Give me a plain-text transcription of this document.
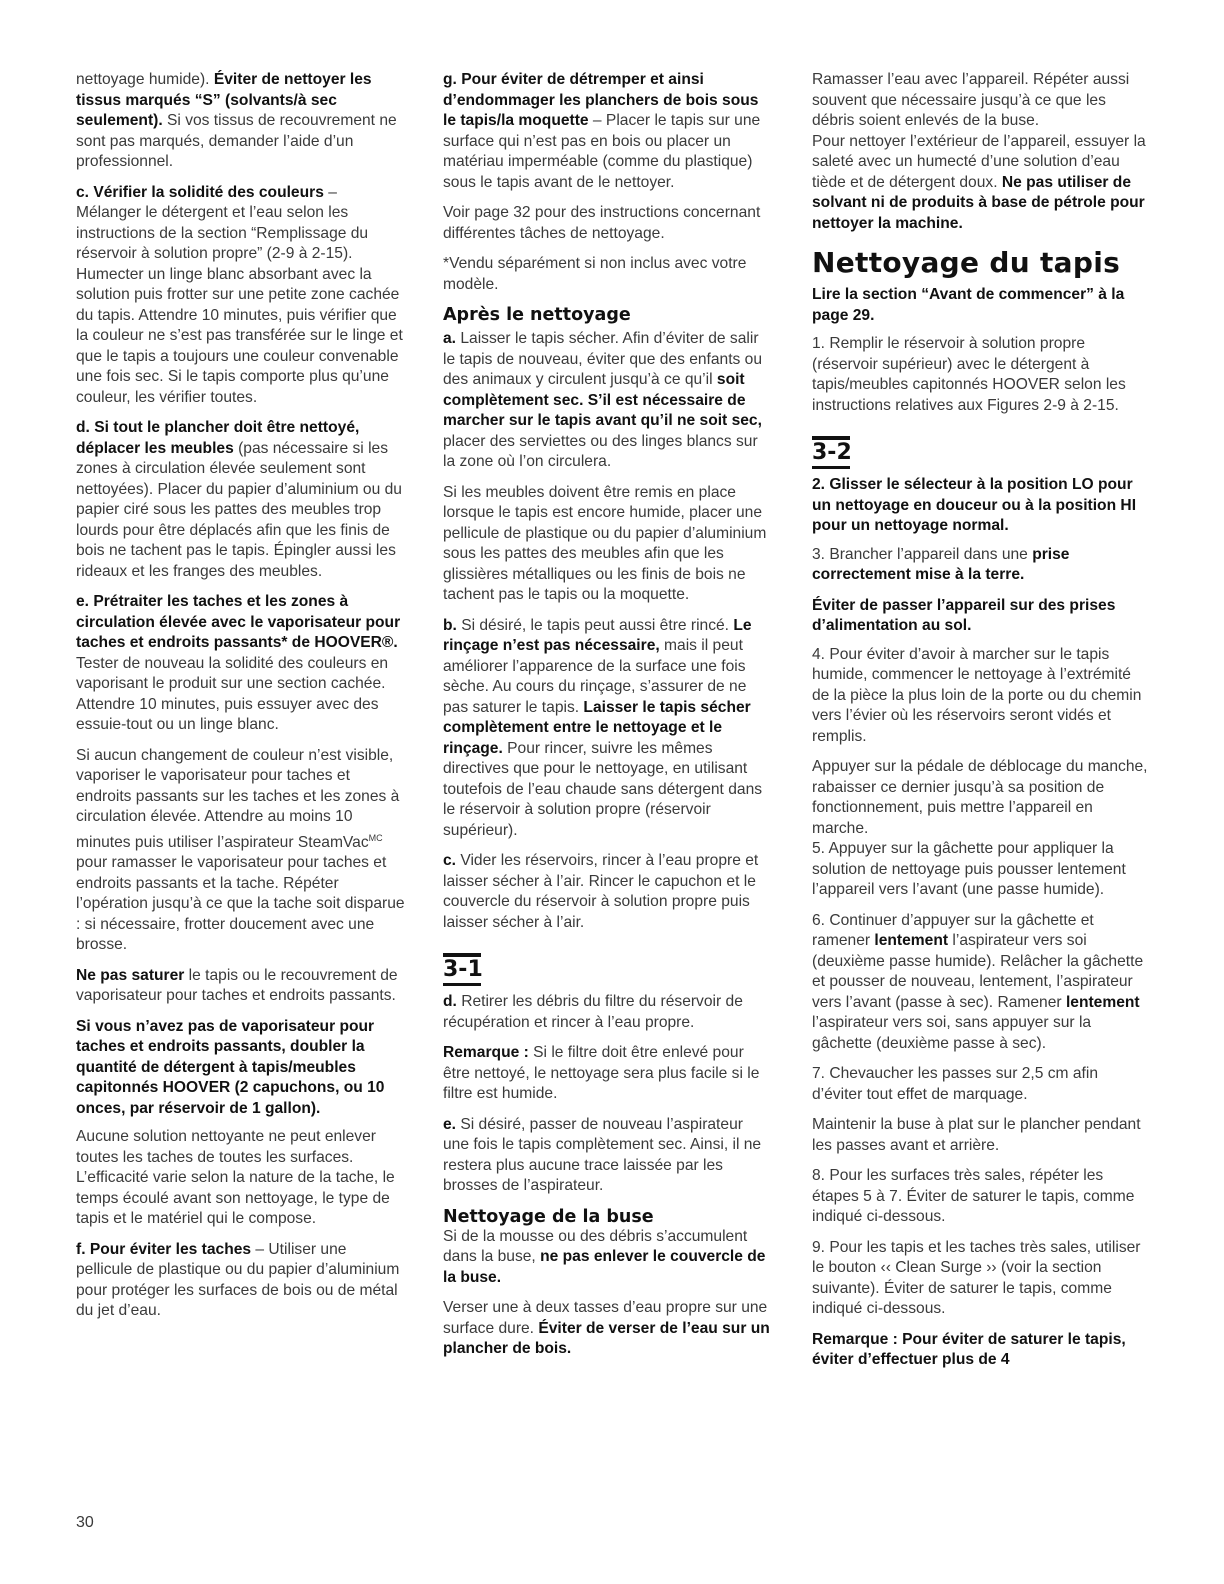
nettoyage humide). Éviter de nettoyer les tissus marqués “S” (solvants/à sec seulement). Si vos tissus de recouvrement ne sont pas marqués, demander l’aide d’un professionnel.

c. Vérifier la solidité des couleurs – Mélanger le détergent et l’eau selon les instructions de la section “Remplissage du réservoir à solution propre” (2-9 à 2-15). Humecter un linge blanc absorbant avec la solution puis frotter sur une petite zone cachée du tapis. Attendre 10 minutes, puis vérifier que la couleur ne s’est pas transférée sur le linge et que le tapis a toujours une couleur convenable une fois sec. Si le tapis comporte plus qu’une couleur, les vérifier toutes.

d. Si tout le plancher doit être nettoyé, déplacer les meubles (pas nécessaire si les zones à circulation élevée seulement sont nettoyées). Placer du papier d’aluminium ou du papier ciré sous les pattes des meubles trop lourds pour être déplacés afin que les finis de bois ne tachent pas le tapis. Épingler aussi les rideaux et les franges des meubles.

e. Prétraiter les taches et les zones à circulation élevée avec le vaporisateur pour taches et endroits passants* de HOOVER®. Tester de nouveau la solidité des couleurs en vaporisant le produit sur une section cachée. Attendre 10 minutes, puis essuyer avec des essuie-tout ou un linge blanc.

Si aucun changement de couleur n’est visible, vaporiser le vaporisateur pour taches et endroits passants sur les taches et les zones à circulation élevée. Attendre au moins 10 minutes puis utiliser l’aspirateur SteamVac$^{MC}$ pour ramasser le vaporisateur pour taches et endroits passants et la tache. Répéter l’opération jusqu’à ce que la tache soit disparue : si nécessaire, frotter doucement avec une brosse.

Ne pas saturer le tapis ou le recouvrement de vaporisateur pour taches et endroits passants.

Si vous n’avez pas de vaporisateur pour taches et endroits passants, doubler la quantité de détergent à tapis/meubles capitonnés HOOVER (2 capuchons, ou 10 onces, par réservoir de 1 gallon).

Aucune solution nettoyante ne peut enlever toutes les taches de toutes les surfaces. L’efficacité varie selon la nature de la tache, le temps écoulé avant son nettoyage, le type de tapis et le matériel qui le compose.

f. Pour éviter les taches – Utiliser une pellicule de plastique ou du papier d’aluminium pour protéger les surfaces de bois ou de métal du jet d’eau.

g. Pour éviter de détremper et ainsi d’endommager les planchers de bois sous le tapis/la moquette – Placer le tapis sur une surface qui n’est pas en bois ou placer un matériau imperméable (comme du plastique) sous le tapis avant de le nettoyer.

Voir page 32 pour des instructions concernant différentes tâches de nettoyage.

*Vendu séparément si non inclus avec votre modèle.

Après le nettoyage

a. Laisser le tapis sécher. Afin d’éviter de salir le tapis de nouveau, éviter que des enfants ou des animaux y circulent jusqu’à ce qu’il soit complètement sec. S’il est nécessaire de marcher sur le tapis avant qu’il ne soit sec, placer des serviettes ou des linges blancs sur la zone où l’on circulera.

Si les meubles doivent être remis en place lorsque le tapis est encore humide, placer une pellicule de plastique ou du papier d’aluminium sous les pattes des meubles afin que les glissières métalliques ou les finis de bois ne tachent pas le tapis ou la moquette.

b. Si désiré, le tapis peut aussi être rincé. Le rinçage n’est pas nécessaire, mais il peut améliorer l’apparence de la surface une fois sèche. Au cours du rinçage, s’assurer de ne pas saturer le tapis. Laisser le tapis sécher complètement entre le nettoyage et le rinçage. Pour rincer, suivre les mêmes directives que pour le nettoyage, en utilisant toutefois de l’eau chaude sans détergent dans le réservoir à solution propre (réservoir supérieur).

c. Vider les réservoirs, rincer à l’eau propre et laisser sécher à l’air. Rincer le capuchon et le couvercle du réservoir à solution propre puis laisser sécher à l’air.

3-1

d. Retirer les débris du filtre du réservoir de récupération et rincer à l’eau propre.

Remarque : Si le filtre doit être enlevé pour être nettoyé, le nettoyage sera plus facile si le filtre est humide.

e. Si désiré, passer de nouveau l’aspirateur une fois le tapis complètement sec. Ainsi, il ne restera plus aucune trace laissée par les brosses de l’aspirateur.

Nettoyage de la buse

Si de la mousse ou des débris s’accumulent dans la buse, ne pas enlever le couvercle de la buse.

Verser une à deux tasses d’eau propre sur une surface dure. Éviter de verser de l’eau sur un plancher de bois.

Ramasser l’eau avec l’appareil. Répéter aussi souvent que nécessaire jusqu’à ce que les débris soient enlevés de la buse.

Pour nettoyer l’extérieur de l’appareil, essuyer la saleté avec un humecté d’une solution d’eau tiède et de détergent doux. Ne pas utiliser de solvant ni de produits à base de pétrole pour nettoyer la machine.

Nettoyage du tapis

Lire la section “Avant de commencer” à la page 29.

1. Remplir le réservoir à solution propre (réservoir supérieur) avec le détergent à tapis/meubles capitonnés HOOVER selon les instructions relatives aux Figures 2-9 à 2-15.

3-2

2. Glisser le sélecteur à la position LO pour un nettoyage en douceur ou à la position HI pour un nettoyage normal.

3. Brancher l’appareil dans une prise correctement mise à la terre.

Éviter de passer l’appareil sur des prises d’alimentation au sol.

4. Pour éviter d’avoir à marcher sur le tapis humide, commencer le nettoyage à l’extrémité de la pièce la plus loin de la porte ou du chemin vers l’évier où les réservoirs seront vidés et remplis.

Appuyer sur la pédale de déblocage du manche, rabaisser ce dernier jusqu’à sa position de fonctionnement, puis mettre l’appareil en marche.

5. Appuyer sur la gâchette pour appliquer la solution de nettoyage puis pousser lentement l’appareil vers l’avant (une passe humide).

6. Continuer d’appuyer sur la gâchette et ramener lentement l’aspirateur vers soi (deuxième passe humide). Relâcher la gâchette et pousser de nouveau, lentement, l’aspirateur vers l’avant (passe à sec). Ramener lentement l’aspirateur vers soi, sans appuyer sur la gâchette (deuxième passe à sec).

7. Chevaucher les passes sur 2,5 cm afin d’éviter tout effet de marquage.

Maintenir la buse à plat sur le plancher pendant les passes avant et arrière.

8. Pour les surfaces très sales, répéter les étapes 5 à 7. Éviter de saturer le tapis, comme indiqué ci-dessous.

9. Pour les tapis et les taches très sales, utiliser le bouton ‹‹ Clean Surge ›› (voir la section suivante). Éviter de saturer le tapis, comme indiqué ci-dessous.

Remarque : Pour éviter de saturer le tapis, éviter d’effectuer plus de 4

30
